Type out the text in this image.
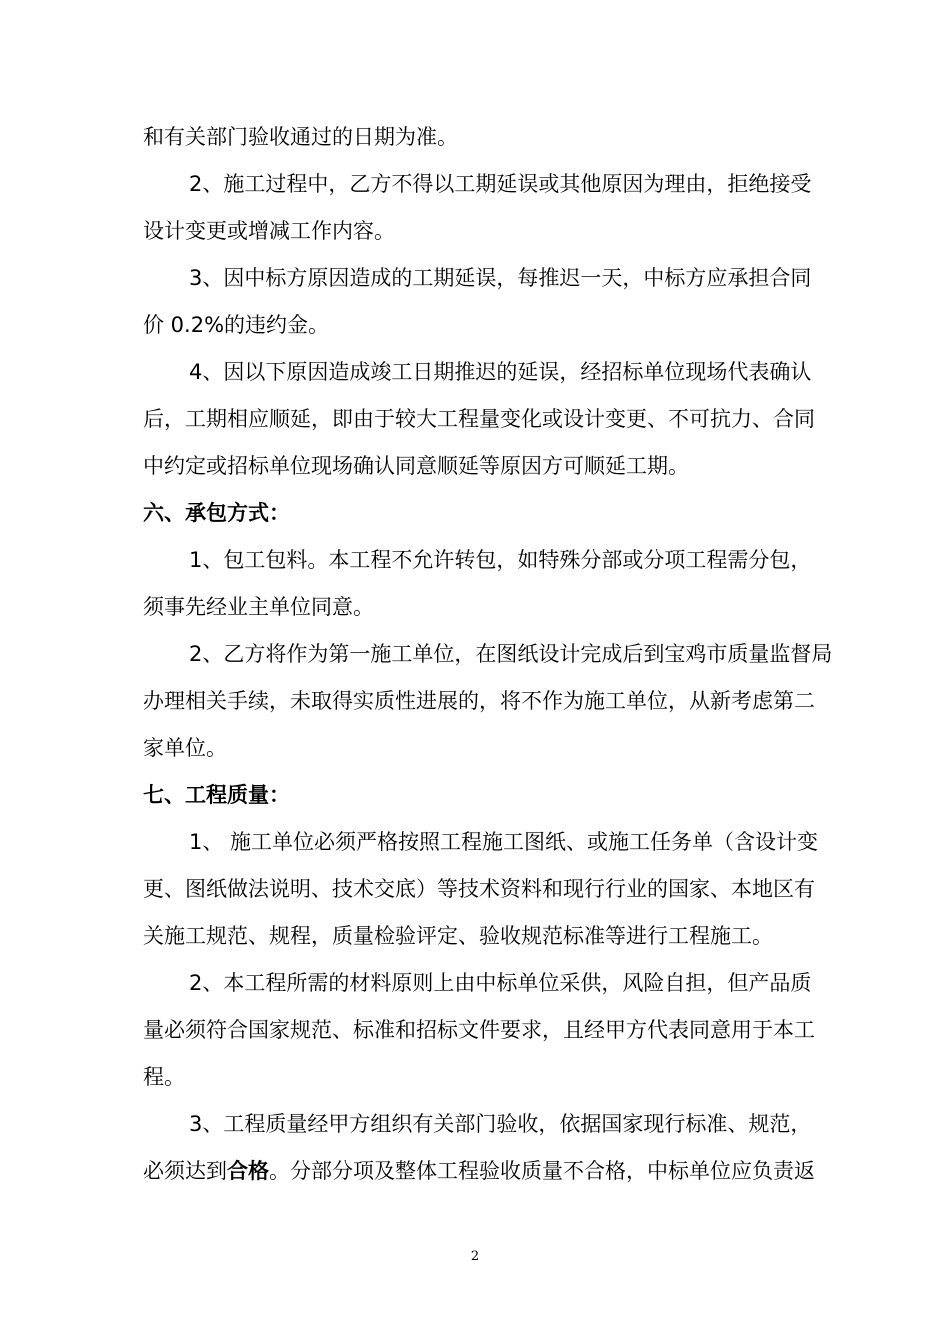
和有关部门验收通过的日期为准。
2、施工过程中，乙方不得以工期延误或其他原因为理由，拒绝接受
设计变更或增减工作内容。
3、因中标方原因造成的工期延误，每推迟一天，中标方应承担合同
价 0.2%的违约金。
4、因以下原因造成竣工日期推迟的延误，经招标单位现场代表确认
后，工期相应顺延，即由于较大工程量变化或设计变更、不可抗力、合同
中约定或招标单位现场确认同意顺延等原因方可顺延工期。
六、承包方式：
1、包工包料。本工程不允许转包，如特殊分部或分项工程需分包，
须事先经业主单位同意。
2、乙方将作为第一施工单位，在图纸设计完成后到宝鸡市质量监督局
办理相关手续，未取得实质性进展的，将不作为施工单位，从新考虑第二
家单位。
七、工程质量：
1、 施工单位必须严格按照工程施工图纸、或施工任务单（含设计变
更、图纸做法说明、技术交底）等技术资料和现行行业的国家、本地区有
关施工规范、规程，质量检验评定、验收规范标准等进行工程施工。
2、本工程所需的材料原则上由中标单位采供，风险自担，但产品质
量必须符合国家规范、标准和招标文件要求，且经甲方代表同意用于本工
程。
3、工程质量经甲方组织有关部门验收，依据国家现行标准、规范，
必须达到合格。分部分项及整体工程验收质量不合格，中标单位应负责返
2
